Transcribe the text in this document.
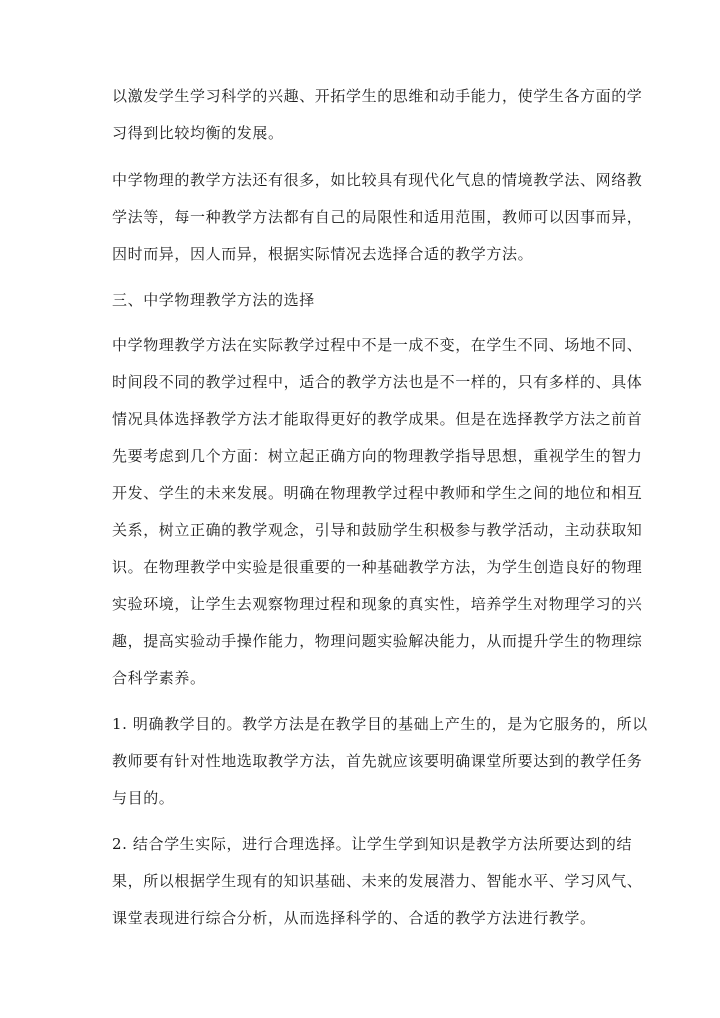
以激发学生学习科学的兴趣、开拓学生的思维和动手能力，使学生各方面的学
习得到比较均衡的发展。
中学物理的教学方法还有很多，如比较具有现代化气息的情境教学法、网络教
学法等，每一种教学方法都有自己的局限性和适用范围，教师可以因事而异，
因时而异，因人而异，根据实际情况去选择合适的教学方法。
三、中学物理教学方法的选择
中学物理教学方法在实际教学过程中不是一成不变，在学生不同、场地不同、
时间段不同的教学过程中，适合的教学方法也是不一样的，只有多样的、具体
情况具体选择教学方法才能取得更好的教学成果。但是在选择教学方法之前首
先要考虑到几个方面：树立起正确方向的物理教学指导思想，重视学生的智力
开发、学生的未来发展。明确在物理教学过程中教师和学生之间的地位和相互
关系，树立正确的教学观念，引导和鼓励学生积极参与教学活动，主动获取知
识。在物理教学中实验是很重要的一种基础教学方法，为学生创造良好的物理
实验环境，让学生去观察物理过程和现象的真实性，培养学生对物理学习的兴
趣，提高实验动手操作能力，物理问题实验解决能力，从而提升学生的物理综
合科学素养。
1. 明确教学目的。教学方法是在教学目的基础上产生的，是为它服务的，所以
教师要有针对性地选取教学方法，首先就应该要明确课堂所要达到的教学任务
与目的。
2. 结合学生实际，进行合理选择。让学生学到知识是教学方法所要达到的结
果，所以根据学生现有的知识基础、未来的发展潜力、智能水平、学习风气、
课堂表现进行综合分析，从而选择科学的、合适的教学方法进行教学。
